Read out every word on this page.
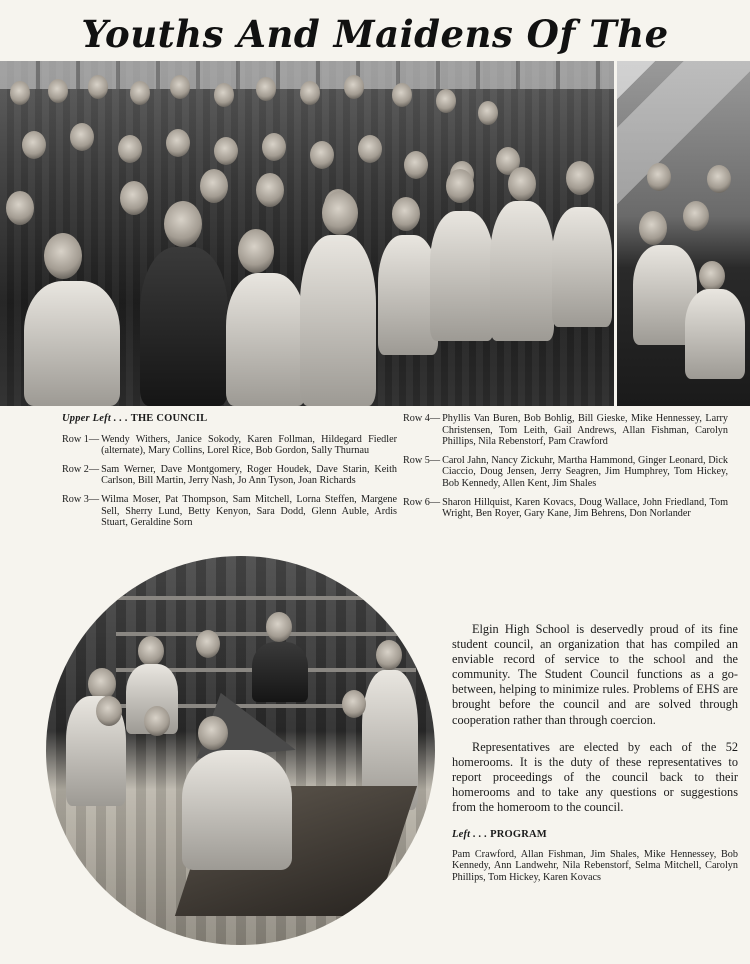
Youths And Maidens Of The
Upper Left . . . THE COUNCIL
Row 1— Wendy Withers, Janice Sokody, Karen Follman, Hildegard Fiedler (alternate), Mary Collins, Lorel Rice, Bob Gordon, Sally Thurnau
Row 2— Sam Werner, Dave Montgomery, Roger Houdek, Dave Starin, Keith Carlson, Bill Martin, Jerry Nash, Jo Ann Tyson, Joan Richards
Row 3— Wilma Moser, Pat Thompson, Sam Mitchell, Lorna Steffen, Margene Sell, Sherry Lund, Betty Kenyon, Sara Dodd, Glenn Auble, Ardis Stuart, Geraldine Sorn
Row 4— Phyllis Van Buren, Bob Bohlig, Bill Gieske, Mike Hennessey, Larry Christensen, Tom Leith, Gail Andrews, Allan Fishman, Carolyn Phillips, Nila Rebenstorf, Pam Crawford
Row 5— Carol Jahn, Nancy Zickuhr, Martha Hammond, Ginger Leonard, Dick Ciaccio, Doug Jensen, Jerry Seagren, Jim Humphrey, Tom Hickey, Bob Kennedy, Allen Kent, Jim Shales
Row 6— Sharon Hillquist, Karen Kovacs, Doug Wallace, John Friedland, Tom Wright, Ben Royer, Gary Kane, Jim Behrens, Don Norlander

Elgin High School is deservedly proud of its fine student council, an organization that has compiled an enviable record of service to the school and the community. The Student Council functions as a go-between, helping to minimize rules. Problems of EHS are brought before the council and are solved through cooperation rather than through coercion.

Representatives are elected by each of the 52 homerooms. It is the duty of these representatives to report proceedings of the council back to their homerooms and to take any questions or suggestions from the homeroom to the council.

Left . . . PROGRAM
Pam Crawford, Allan Fishman, Jim Shales, Mike Hennessey, Bob Kennedy, Ann Landwehr, Nila Rebenstorf, Selma Mitchell, Carolyn Phillips, Tom Hickey, Karen Kovacs
